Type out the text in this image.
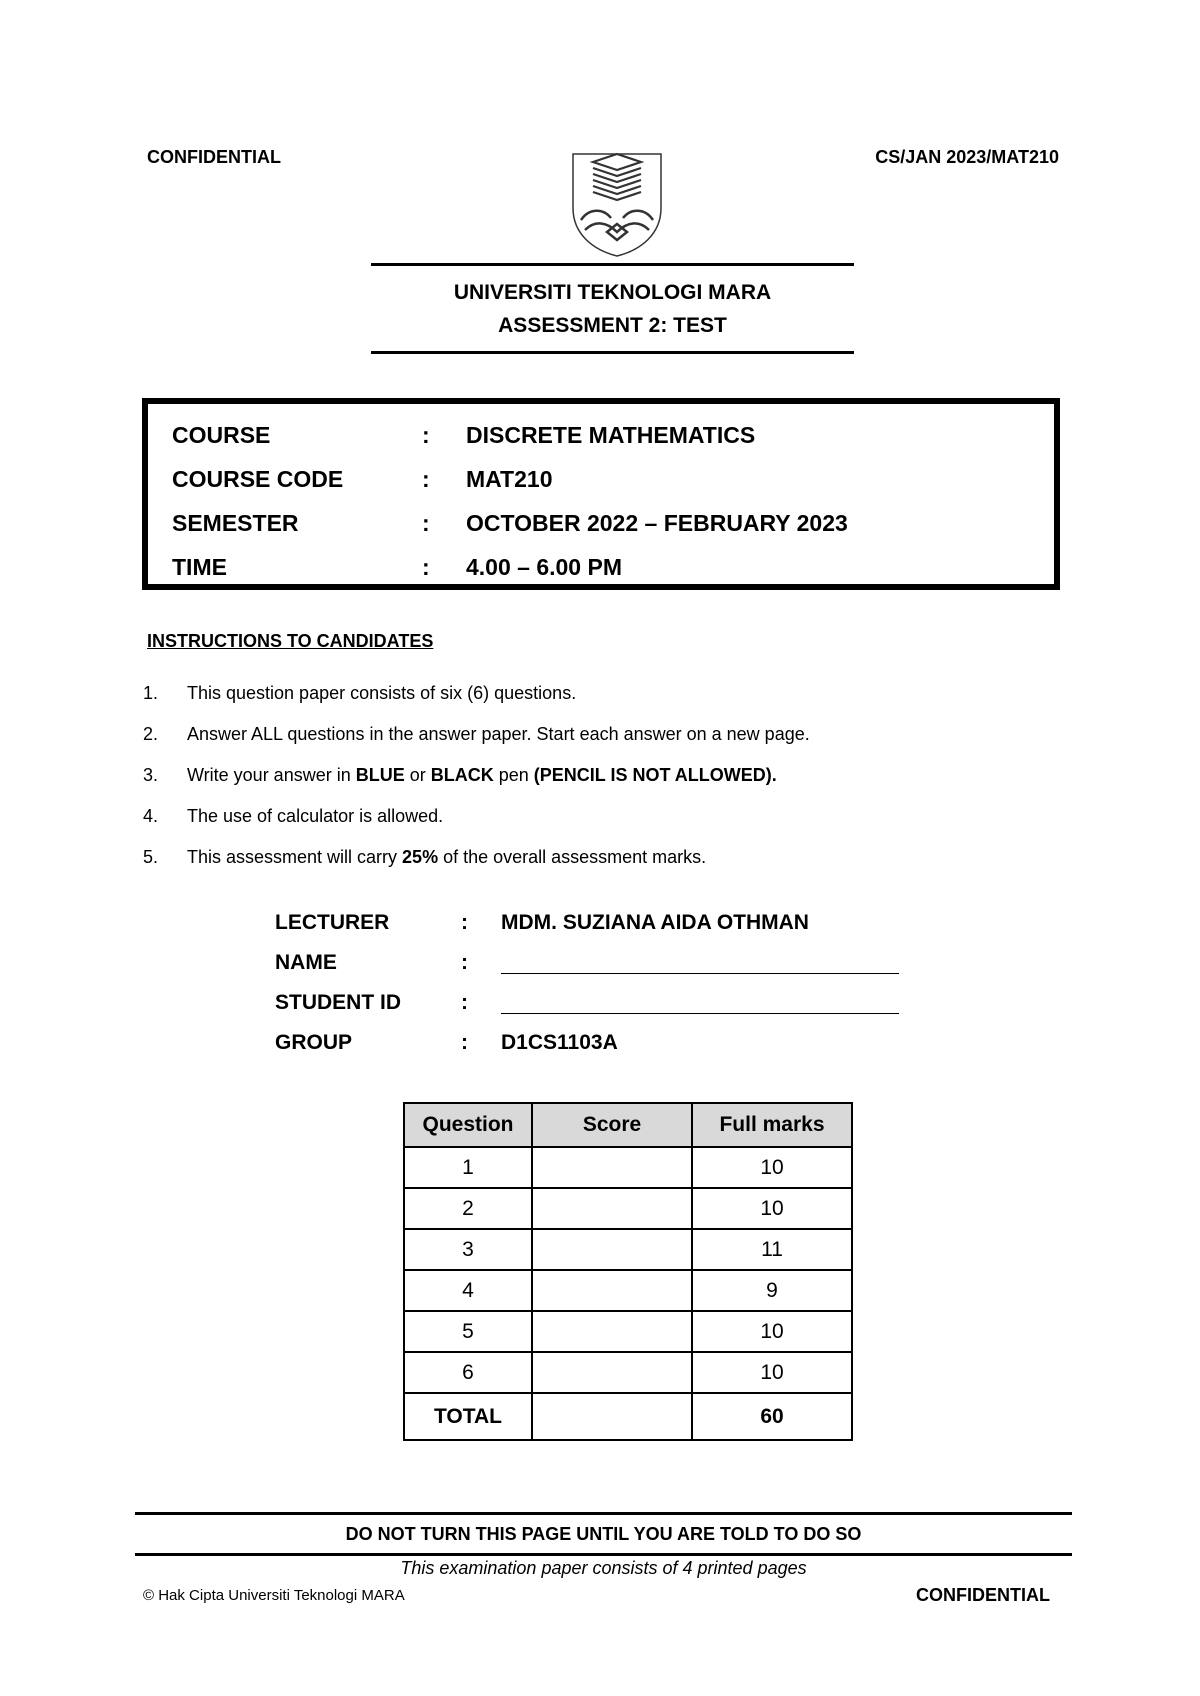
CONFIDENTIAL	CS/JAN 2023/MAT210
UNIVERSITI TEKNOLOGI MARA
ASSESSMENT 2: TEST
COURSE	: DISCRETE MATHEMATICS
COURSE CODE	: MAT210
SEMESTER	: OCTOBER 2022 – FEBRUARY 2023
TIME	: 4.00 – 6.00 PM
INSTRUCTIONS TO CANDIDATES
1. This question paper consists of six (6) questions.
2. Answer ALL questions in the answer paper. Start each answer on a new page.
3. Write your answer in BLUE or BLACK pen (PENCIL IS NOT ALLOWED).
4. The use of calculator is allowed.
5. This assessment will carry 25% of the overall assessment marks.
LECTURER	: MDM. SUZIANA AIDA OTHMAN
NAME	:
STUDENT ID	:
GROUP	: D1CS1103A
Question	Score	Full marks
1		10
2		10
3		11
4		9
5		10
6		10
TOTAL		60
DO NOT TURN THIS PAGE UNTIL YOU ARE TOLD TO DO SO
This examination paper consists of 4 printed pages
© Hak Cipta Universiti Teknologi MARA	CONFIDENTIAL
